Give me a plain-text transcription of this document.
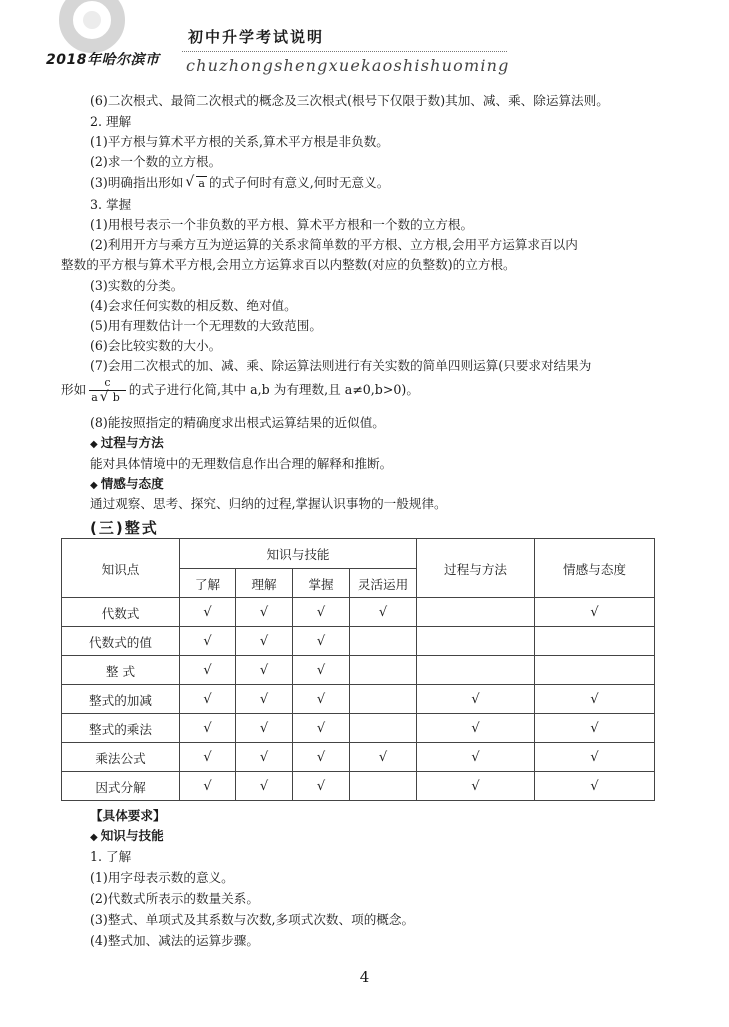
2018年哈尔滨市
初中升学考试说明
chuzhongshengxuekaoshishuoming
(6)二次根式、最简二次根式的概念及三次根式(根号下仅限于数)其加、减、乘、除运算法则。
2. 理解
(1)平方根与算术平方根的关系,算术平方根是非负数。
(2)求一个数的立方根。
(3)明确指出形如 √ a 的式子何时有意义,何时无意义。
3. 掌握
(1)用根号表示一个非负数的平方根、算术平方根和一个数的立方根。
(2)利用开方与乘方互为逆运算的关系求简单数的平方根、立方根,会用平方运算求百以内
整数的平方根与算术平方根,会用立方运算求百以内整数(对应的负整数)的立方根。
(3)实数的分类。
(4)会求任何实数的相反数、绝对值。
(5)用有理数估计一个无理数的大致范围。
(6)会比较实数的大小。
(7)会用二次根式的加、减、乘、除运算法则进行有关实数的简单四则运算(只要求对结果为
形如 $\frac{c}{a √ b}$ 的式子进行化简,其中 a,b 为有理数,且 a≠0,b>0)。
(8)能按照指定的精确度求出根式运算结果的近似值。
◆ 过程与方法
能对具体情境中的无理数信息作出合理的解释和推断。
◆ 情感与态度
通过观察、思考、探究、归纳的过程,掌握认识事物的一般规律。
(三)整式
知识点	知识与技能				过程与方法	情感与态度
	了解	理解	掌握	灵活运用		
代数式	√	√	√	√		√
代数式的值	√	√	√			
整 式	√	√	√			
整式的加减	√	√	√		√	√
整式的乘法	√	√	√		√	√
乘法公式	√	√	√	√	√	√
因式分解	√	√	√		√	√
【具体要求】
◆ 知识与技能
1. 了解
(1)用字母表示数的意义。
(2)代数式所表示的数量关系。
(3)整式、单项式及其系数与次数,多项式次数、项的概念。
(4)整式加、减法的运算步骤。
4
